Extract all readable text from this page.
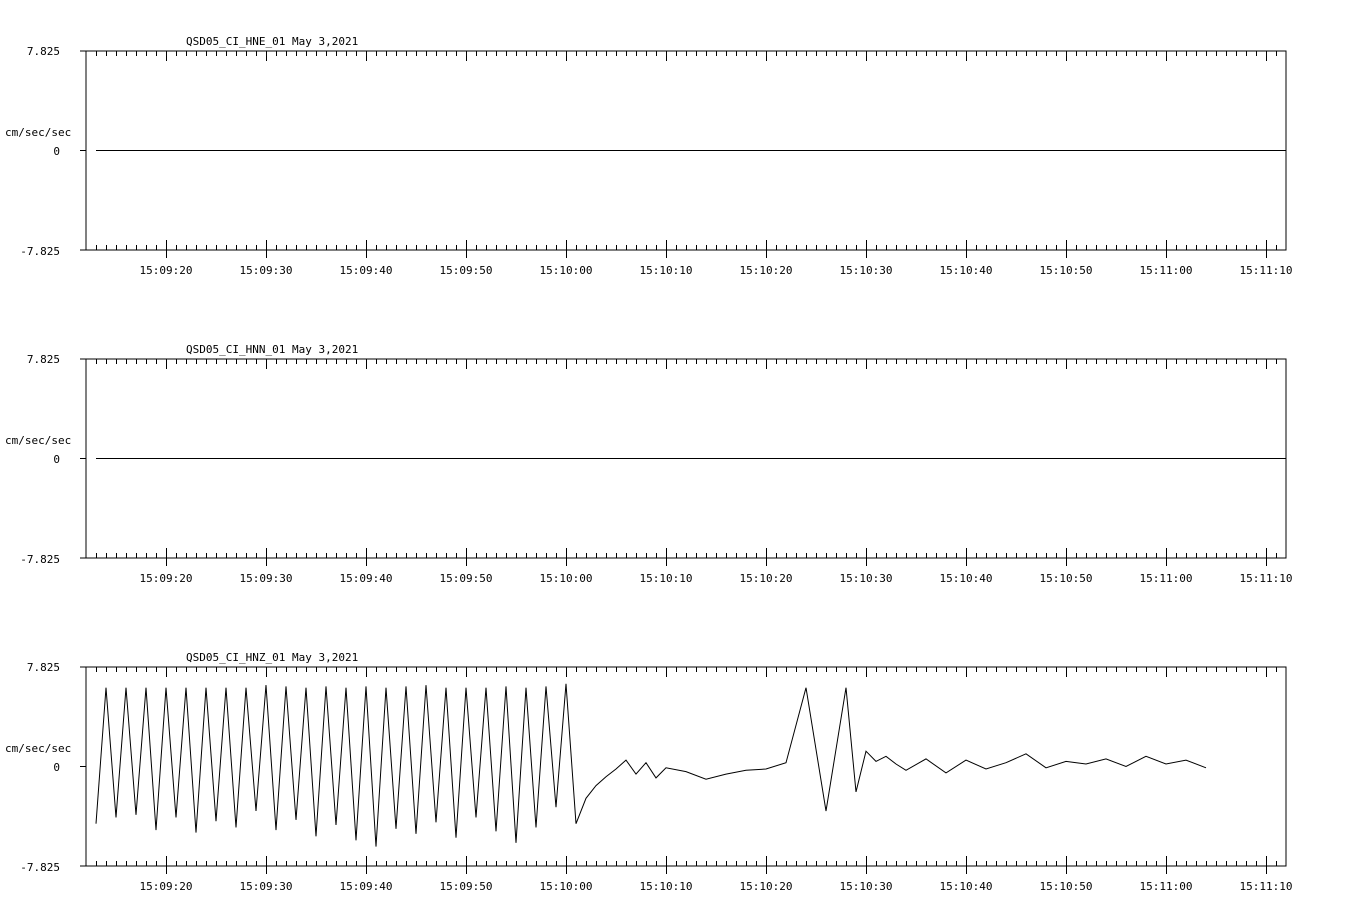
QSD05_CI_HNE_01 May 3,2021
7.825
cm/sec/sec
0
-7.825
15:09:20	15:09:30	15:09:40	15:09:50	15:10:00	15:10:10	15:10:20	15:10:30	15:10:40	15:10:50	15:11:00	15:11:10
QSD05_CI_HNN_01 May 3,2021
7.825
cm/sec/sec
0
-7.825
15:09:20	15:09:30	15:09:40	15:09:50	15:10:00	15:10:10	15:10:20	15:10:30	15:10:40	15:10:50	15:11:00	15:11:10
QSD05_CI_HNZ_01 May 3,2021
7.825
cm/sec/sec
0
-7.825
15:09:20	15:09:30	15:09:40	15:09:50	15:10:00	15:10:10	15:10:20	15:10:30	15:10:40	15:10:50	15:11:00	15:11:10
